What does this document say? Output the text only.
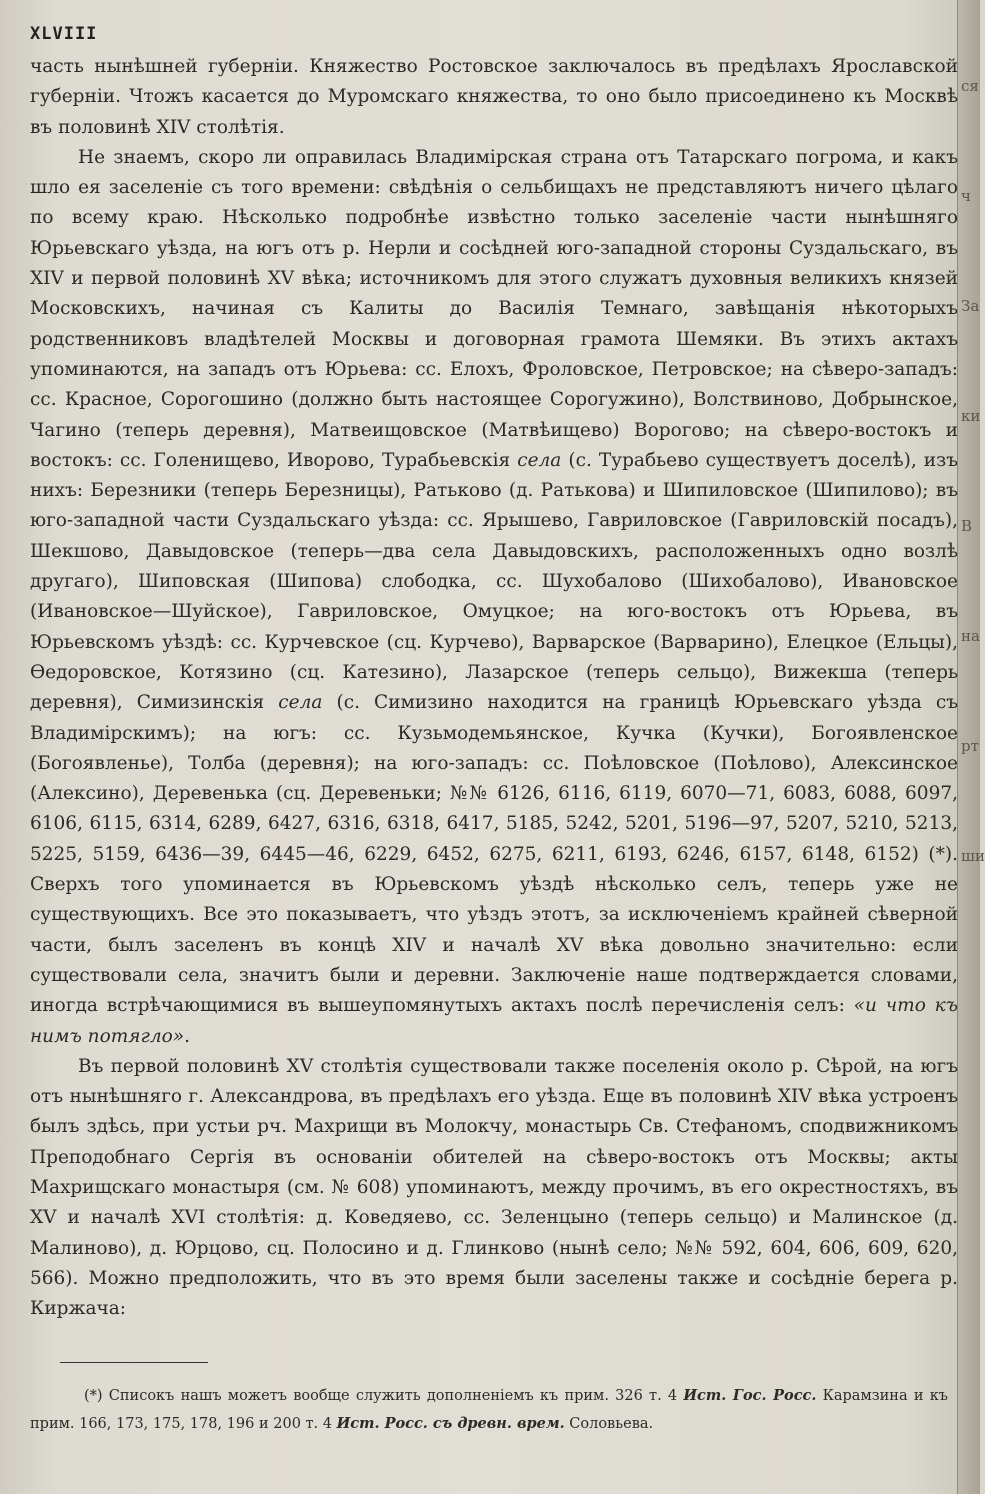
ся
ч
За
ки
В
на
рт
ши
XLVIII

часть нынѣшней губерніи. Княжество Ростовское заключалось въ предѣлахъ Ярославской губерніи. Чтожъ касается до Муромскаго княжества, то оно было присоединено къ Москвѣ въ половинѣ XIV столѣтія.

Не знаемъ, скоро ли оправилась Владимірская страна отъ Татарскаго погрома, и какъ шло ея заселеніе съ того времени: свѣдѣнія о сельбищахъ не представляютъ ничего цѣлаго по всему краю. Нѣсколько подробнѣе извѣстно только заселеніе части нынѣшняго Юрьевскаго уѣзда, на югъ отъ р. Нерли и сосѣдней юго-западной стороны Суздальскаго, въ XIV и первой половинѣ XV вѣка; источникомъ для этого служатъ духовныя великихъ князей Московскихъ, начиная съ Калиты до Василія Темнаго, завѣщанія нѣкоторыхъ родственниковъ владѣтелей Москвы и договорная грамота Шемяки. Въ этихъ актахъ упоминаются, на западъ отъ Юрьева: сс. Елохъ, Фроловское, Петровское; на сѣверо-западъ: сс. Красное, Сорогошино (должно быть настоящее Сорогужино), Волствиново, Добрынское, Чагино (теперь деревня), Матвеищовское (Матвѣищево) Ворогово; на сѣверо-востокъ и востокъ: сс. Голенищево, Иворово, Турабьевскія села (с. Турабьево существуетъ доселѣ), изъ нихъ: Березники (теперь Березницы), Ратьково (д. Ратькова) и Шипиловское (Шипилово); въ юго-западной части Суздальскаго уѣзда: сс. Ярышево, Гавриловское (Гавриловскій посадъ), Шекшово, Давыдовское (теперь—два села Давыдовскихъ, расположенныхъ одно возлѣ другаго), Шиповская (Шипова) слободка, сс. Шухобалово (Шихобалово), Ивановское (Ивановское—Шуйское), Гавриловское, Омуцкое; на юго-востокъ отъ Юрьева, въ Юрьевскомъ уѣздѣ: сс. Курчевское (сц. Курчево), Варварское (Варварино), Елецкое (Ельцы), Ѳедоровское, Котязино (сц. Катезино), Лазарское (теперь сельцо), Вижекша (теперь деревня), Симизинскія села (с. Симизино находится на границѣ Юрьевскаго уѣзда съ Владимірскимъ); на югъ: сс. Кузьмодемьянское, Кучка (Кучки), Богоявленское (Богоявленье), Толба (деревня); на юго-западъ: сс. Поѣловское (Поѣлово), Алексинское (Алексино), Деревенька (сц. Деревеньки; №№ 6126, 6116, 6119, 6070—71, 6083, 6088, 6097, 6106, 6115, 6314, 6289, 6427, 6316, 6318, 6417, 5185, 5242, 5201, 5196—97, 5207, 5210, 5213, 5225, 5159, 6436—39, 6445—46, 6229, 6452, 6275, 6211, 6193, 6246, 6157, 6148, 6152) (*). Сверхъ того упоминается въ Юрьевскомъ уѣздѣ нѣсколько селъ, теперь уже не существующихъ. Все это показываетъ, что уѣздъ этотъ, за исключеніемъ крайней сѣверной части, былъ заселенъ въ концѣ XIV и началѣ XV вѣка довольно значительно: если существовали села, значитъ были и деревни. Заключеніе наше подтверждается словами, иногда встрѣчающимися въ вышеупомянутыхъ актахъ послѣ перечисленія селъ: «и что къ нимъ потягло».

Въ первой половинѣ XV столѣтія существовали также поселенія около р. Сѣрой, на югъ отъ нынѣшняго г. Александрова, въ предѣлахъ его уѣзда. Еще въ половинѣ XIV вѣка устроенъ былъ здѣсь, при устьи рч. Махрищи въ Молокчу, монастырь Св. Стефаномъ, сподвижникомъ Преподобнаго Сергія въ основаніи обителей на сѣверо-востокъ отъ Москвы; акты Махрищскаго монастыря (см. № 608) упоминаютъ, между прочимъ, въ его окрестностяхъ, въ XV и началѣ XVI столѣтія: д. Коведяево, сс. Зеленцыно (теперь сельцо) и Малинское (д. Малиново), д. Юрцово, сц. Полосино и д. Глинково (нынѣ село; №№ 592, 604, 606, 609, 620, 566). Можно предположить, что въ это время были заселены также и сосѣдніе берега р. Киржача:

(*) Списокъ нашъ можетъ вообще служить дополненіемъ къ прим. 326 т. 4 Ист. Гос. Росс. Карамзина и къ прим. 166, 173, 175, 178, 196 и 200 т. 4 Ист. Росс. съ древн. врем. Соловьева.
